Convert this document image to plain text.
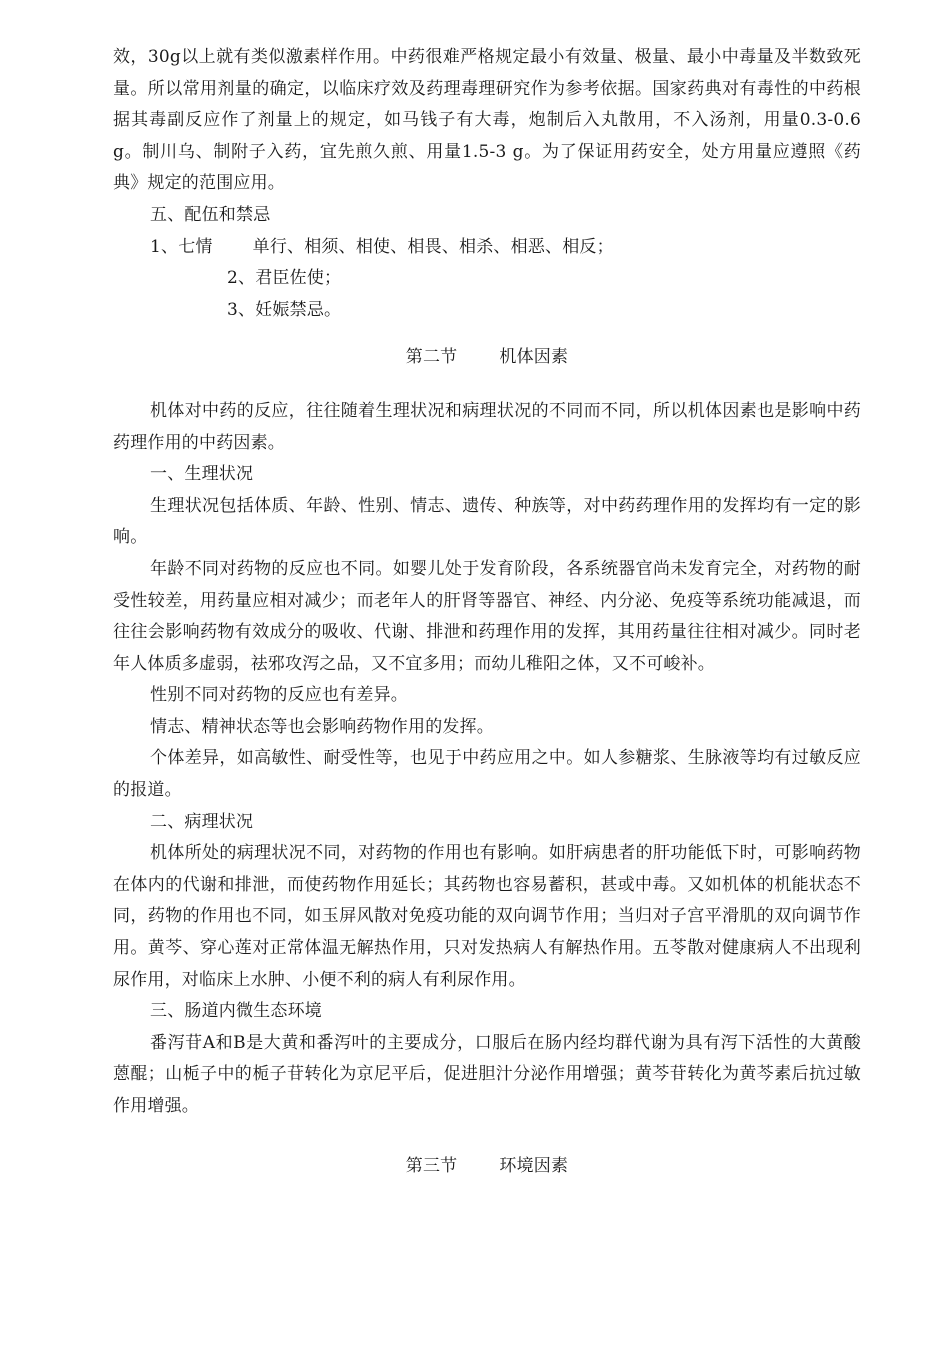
效，30g以上就有类似激素样作用。中药很难严格规定最小有效量、极量、最小中毒量及半数致死量。所以常用剂量的确定，以临床疗效及药理毒理研究作为参考依据。国家药典对有毒性的中药根据其毒副反应作了剂量上的规定，如马钱子有大毒，炮制后入丸散用，不入汤剂，用量0.3-0.6 g。制川乌、制附子入药，宜先煎久煎、用量1.5-3 g。为了保证用药安全，处方用量应遵照《药典》规定的范围应用。

五、配伍和禁忌

1、七情 单行、相须、相使、相畏、相杀、相恶、相反；

2、君臣佐使；

3、妊娠禁忌。

第二节 机体因素

机体对中药的反应，往往随着生理状况和病理状况的不同而不同，所以机体因素也是影响中药药理作用的中药因素。

一、生理状况

生理状况包括体质、年龄、性别、情志、遗传、种族等，对中药药理作用的发挥均有一定的影响。

年龄不同对药物的反应也不同。如婴儿处于发育阶段，各系统器官尚未发育完全，对药物的耐受性较差，用药量应相对减少；而老年人的肝肾等器官、神经、内分泌、免疫等系统功能减退，而往往会影响药物有效成分的吸收、代谢、排泄和药理作用的发挥，其用药量往往相对减少。同时老年人体质多虚弱，祛邪攻泻之品，又不宜多用；而幼儿稚阳之体，又不可峻补。

性别不同对药物的反应也有差异。

情志、精神状态等也会影响药物作用的发挥。

个体差异，如高敏性、耐受性等，也见于中药应用之中。如人参糖浆、生脉液等均有过敏反应的报道。

二、病理状况

机体所处的病理状况不同，对药物的作用也有影响。如肝病患者的肝功能低下时，可影响药物在体内的代谢和排泄，而使药物作用延长；其药物也容易蓄积，甚或中毒。又如机体的机能状态不同，药物的作用也不同，如玉屏风散对免疫功能的双向调节作用；当归对子宫平滑肌的双向调节作用。黄芩、穿心莲对正常体温无解热作用，只对发热病人有解热作用。五苓散对健康病人不出现利尿作用，对临床上水肿、小便不利的病人有利尿作用。

三、肠道内微生态环境

番泻苷A和B是大黄和番泻叶的主要成分，口服后在肠内经均群代谢为具有泻下活性的大黄酸蒽醌；山栀子中的栀子苷转化为京尼平后，促进胆汁分泌作用增强；黄芩苷转化为黄芩素后抗过敏作用增强。

第三节 环境因素
